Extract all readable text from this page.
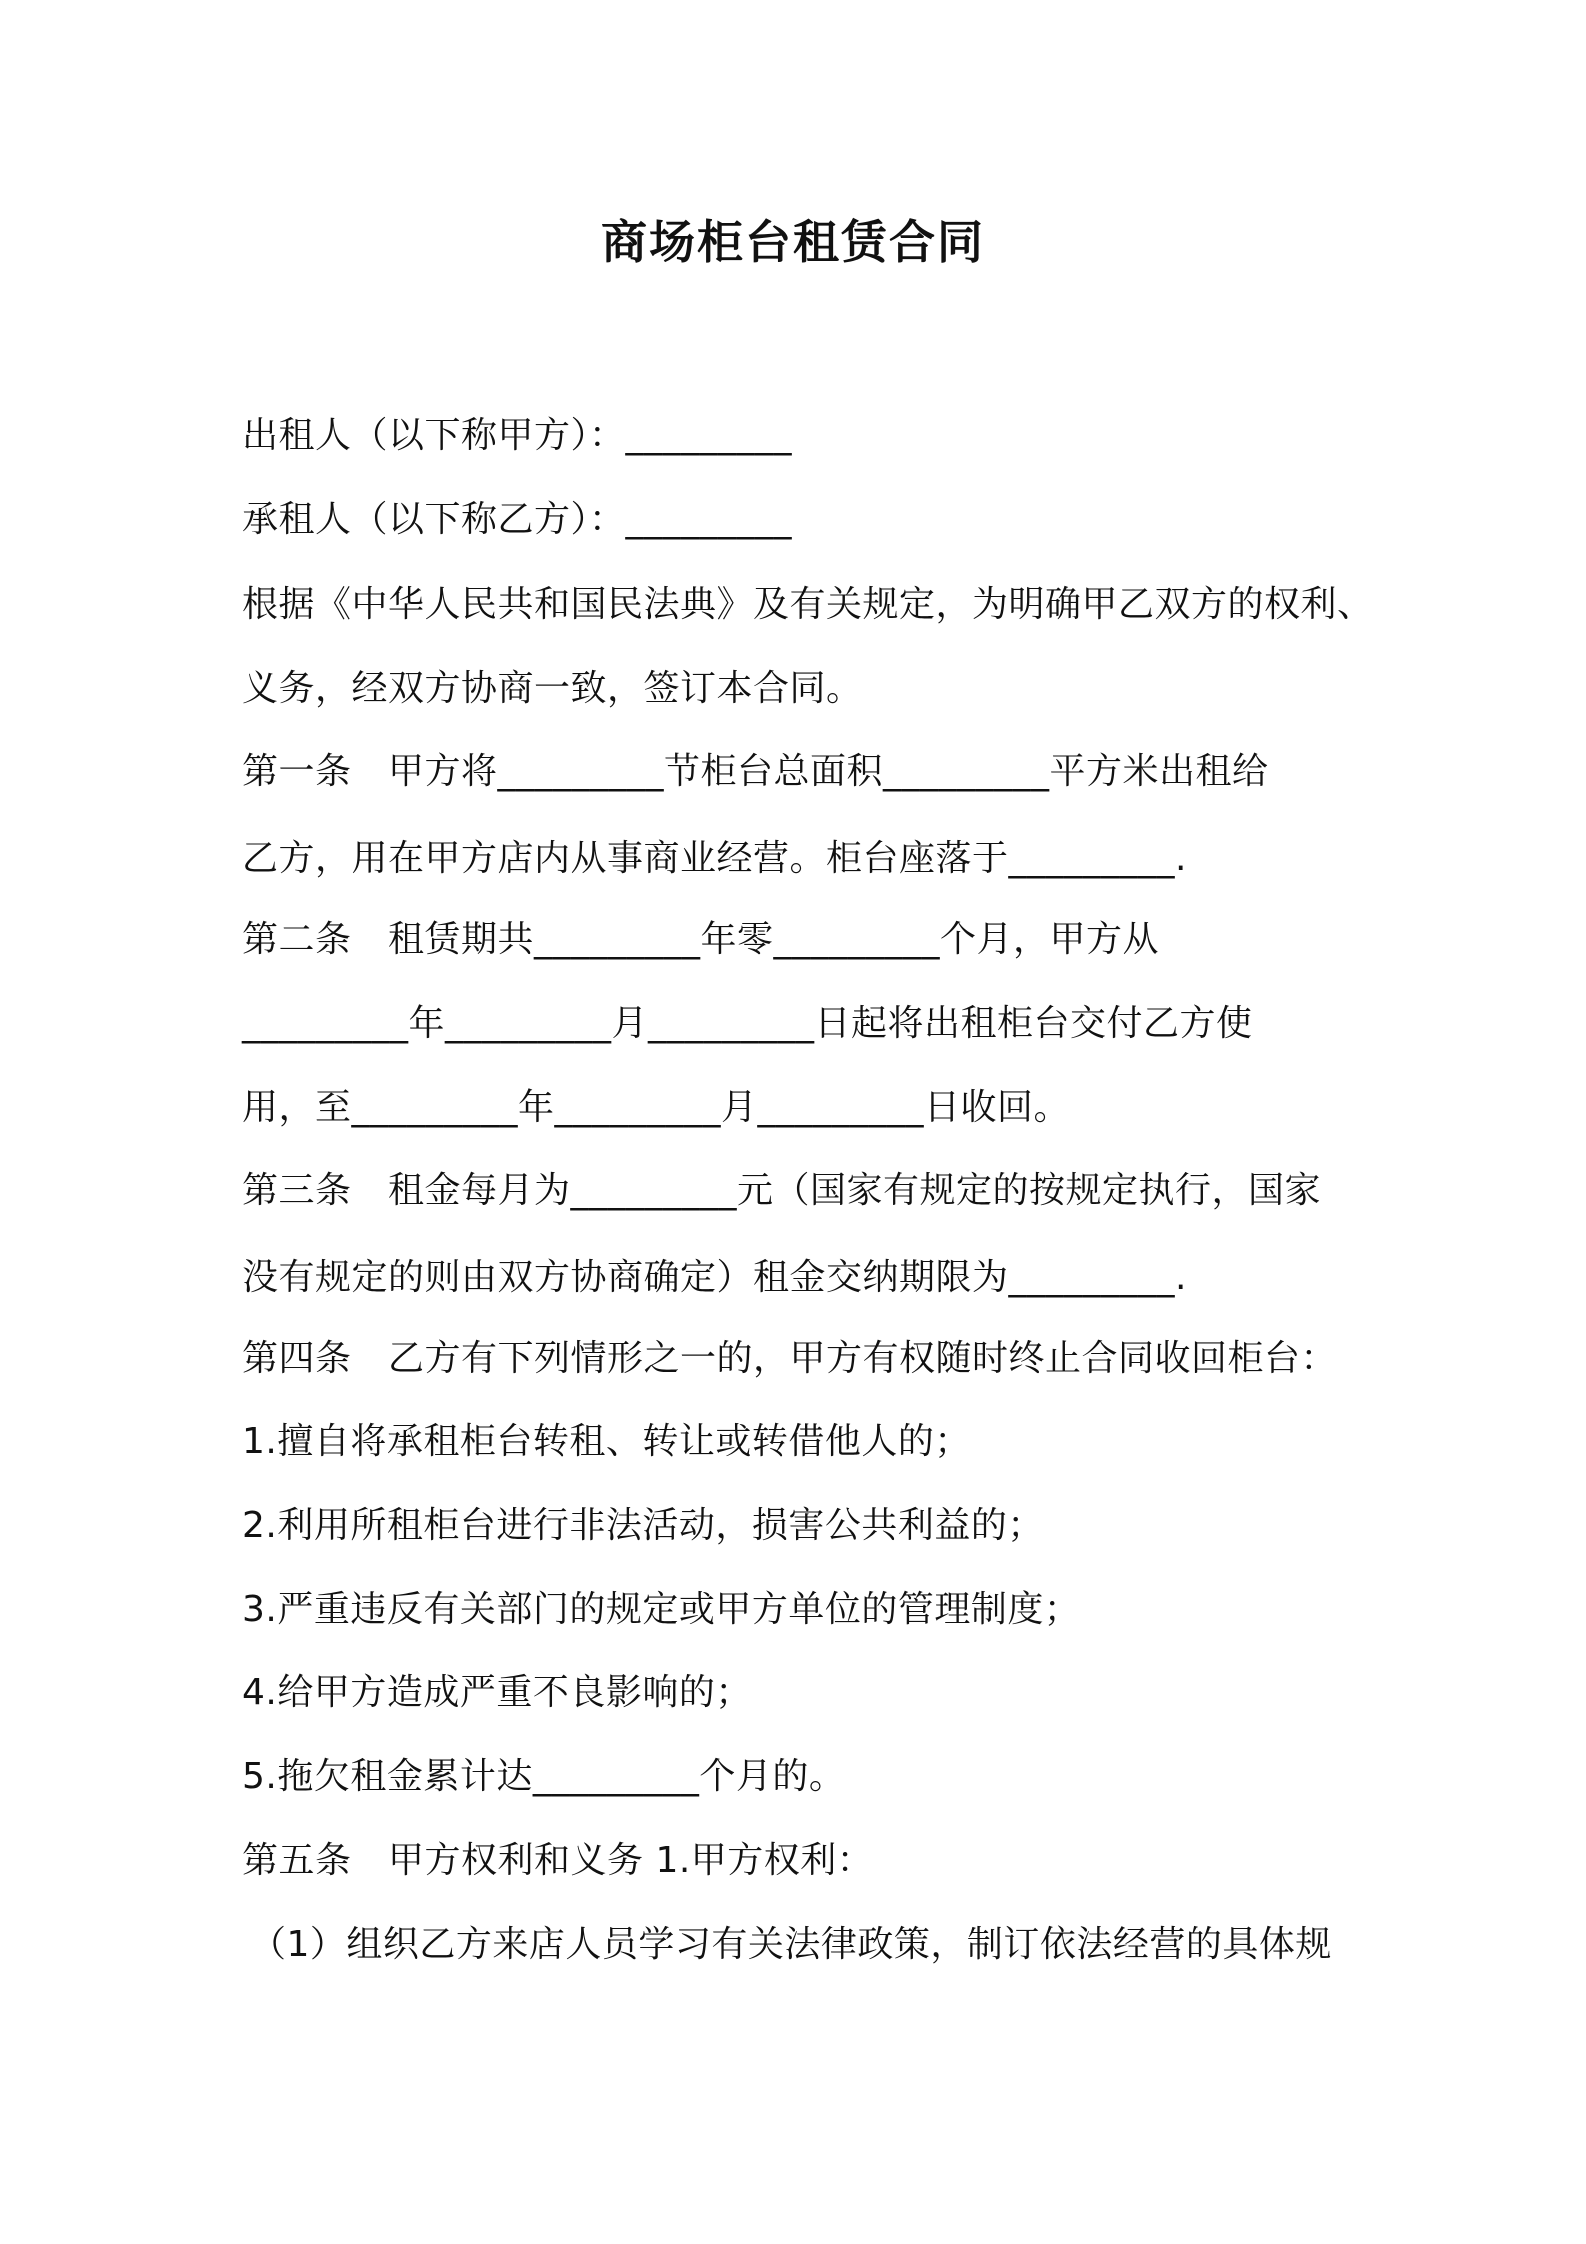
商场柜台租赁合同
出租人（以下称甲方）：_________
承租人（以下称乙方）：_________
根据《中华人民共和国民法典》及有关规定，为明确甲乙双方的权利、
义务，经双方协商一致，签订本合同。
第一条　甲方将_________节柜台总面积_________平方米出租给
乙方，用在甲方店内从事商业经营。柜台座落于_________.
第二条　租赁期共_________年零_________个月，甲方从
_________年_________月_________日起将出租柜台交付乙方使
用，至_________年_________月_________日收回。
第三条　租金每月为_________元（国家有规定的按规定执行，国家
没有规定的则由双方协商确定）租金交纳期限为_________.
第四条　乙方有下列情形之一的，甲方有权随时终止合同收回柜台：
1.擅自将承租柜台转租、转让或转借他人的；
2.利用所租柜台进行非法活动，损害公共利益的；
3.严重违反有关部门的规定或甲方单位的管理制度；
4.给甲方造成严重不良影响的；
5.拖欠租金累计达_________个月的。
第五条　甲方权利和义务 1.甲方权利：
（1）组织乙方来店人员学习有关法律政策，制订依法经营的具体规
